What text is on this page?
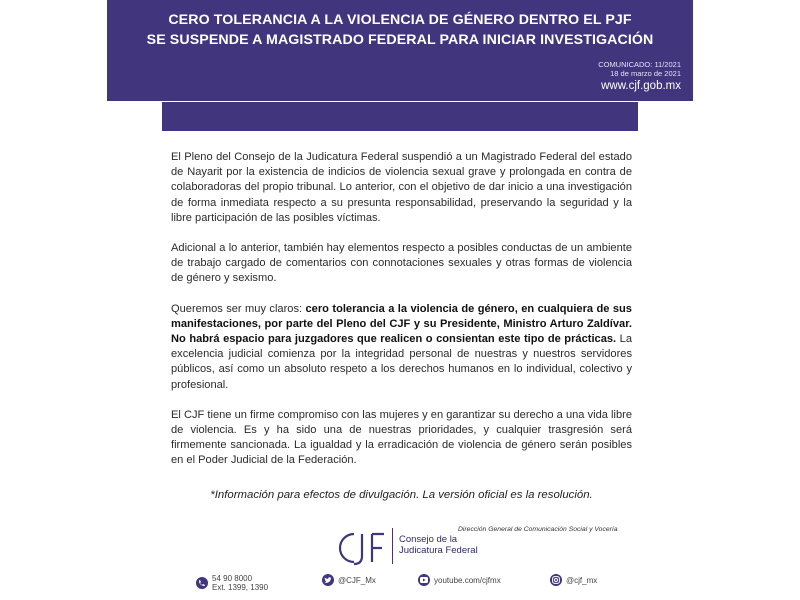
CERO TOLERANCIA A LA VIOLENCIA DE GÉNERO DENTRO EL PJF
SE SUSPENDE A MAGISTRADO FEDERAL PARA INICIAR INVESTIGACIÓN
COMUNICADO: 11/2021
18 de marzo de 2021
www.cjf.gob.mx

El Pleno del Consejo de la Judicatura Federal suspendió a un Magistrado Federal del estado de Nayarit por la existencia de indicios de violencia sexual grave y prolongada en contra de colaboradoras del propio tribunal. Lo anterior, con el objetivo de dar inicio a una investigación de forma inmediata respecto a su presunta responsabilidad, preservando la seguridad y la libre participación de las posibles víctimas.

Adicional a lo anterior, también hay elementos respecto a posibles conductas de un ambiente de trabajo cargado de comentarios con connotaciones sexuales y otras formas de violencia de género y sexismo.

Queremos ser muy claros: cero tolerancia a la violencia de género, en cualquiera de sus manifestaciones, por parte del Pleno del CJF y su Presidente, Ministro Arturo Zaldívar. No habrá espacio para juzgadores que realicen o consientan este tipo de prácticas. La excelencia judicial comienza por la integridad personal de nuestras y nuestros servidores públicos, así como un absoluto respeto a los derechos humanos en lo individual, colectivo y profesional.

El CJF tiene un firme compromiso con las mujeres y en garantizar su derecho a una vida libre de violencia. Es y ha sido una de nuestras prioridades, y cualquier trasgresión será firmemente sancionada. La igualdad y la erradicación de violencia de género serán posibles en el Poder Judicial de la Federación.

*Información para efectos de divulgación. La versión oficial es la resolución.
Consejo de la
Judicatura Federal
Dirección General de Comunicación Social y Vocería
54 90 8000
Ext. 1399, 1390
@CJF_Mx	youtube.com/cjfmx	@cjf_mx
